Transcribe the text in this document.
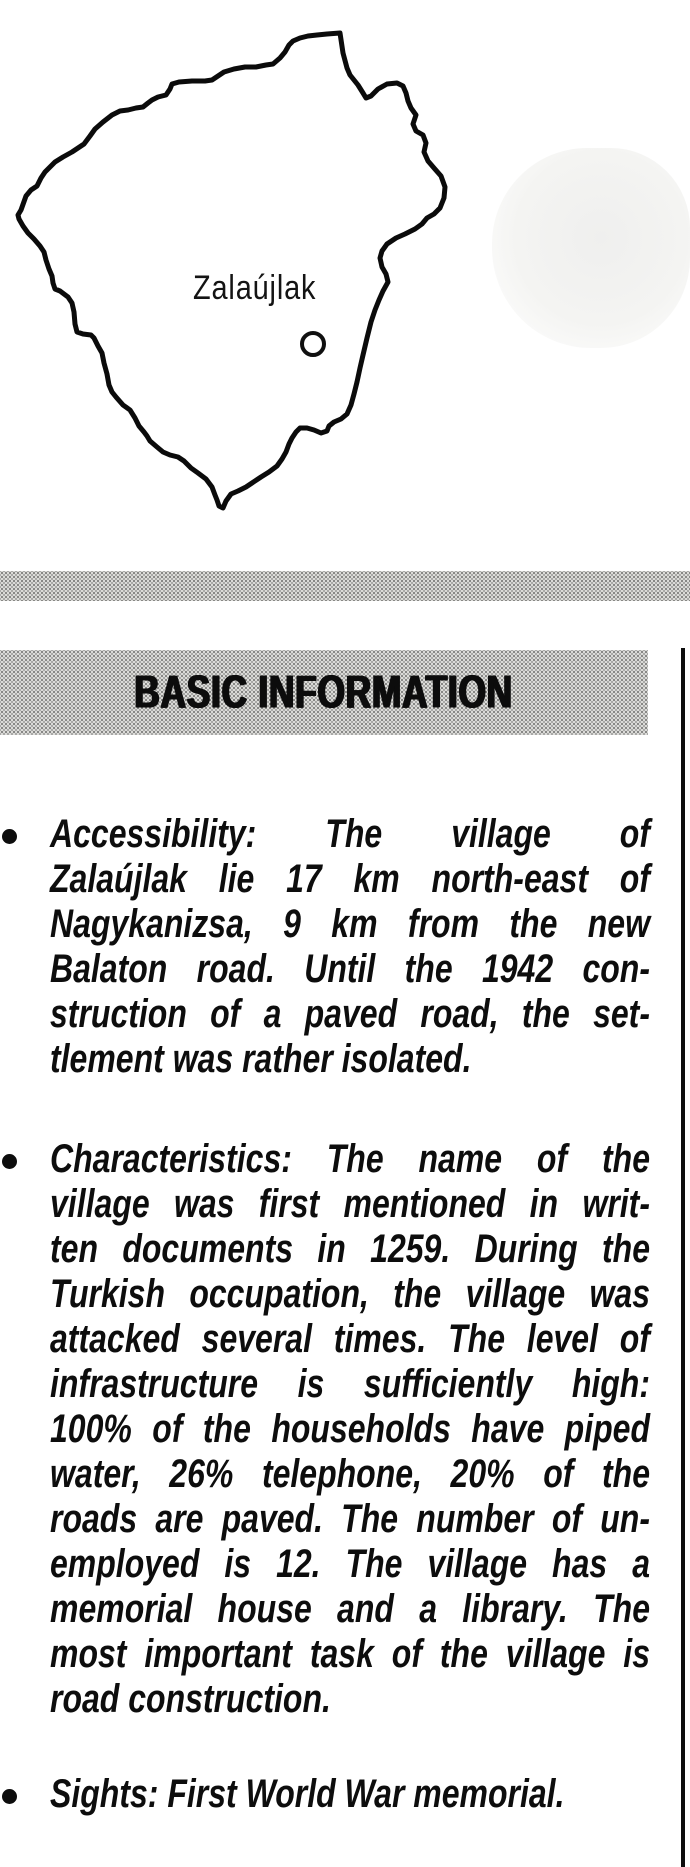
Zalaújlak
BASIC INFORMATION
Accessibility: The village of
Zalaújlak lie 17 km north-east of
Nagykanizsa, 9 km from the new
Balaton road. Until the 1942 con-
struction of a paved road, the set-
tlement was rather isolated.
Characteristics: The name of the
village was first mentioned in writ-
ten documents in 1259. During the
Turkish occupation, the village was
attacked several times. The level of
infrastructure is sufficiently high:
100% of the households have piped
water, 26% telephone, 20% of the
roads are paved. The number of un-
employed is 12. The village has a
memorial house and a library. The
most important task of the village is
road construction.
Sights: First World War memorial.
